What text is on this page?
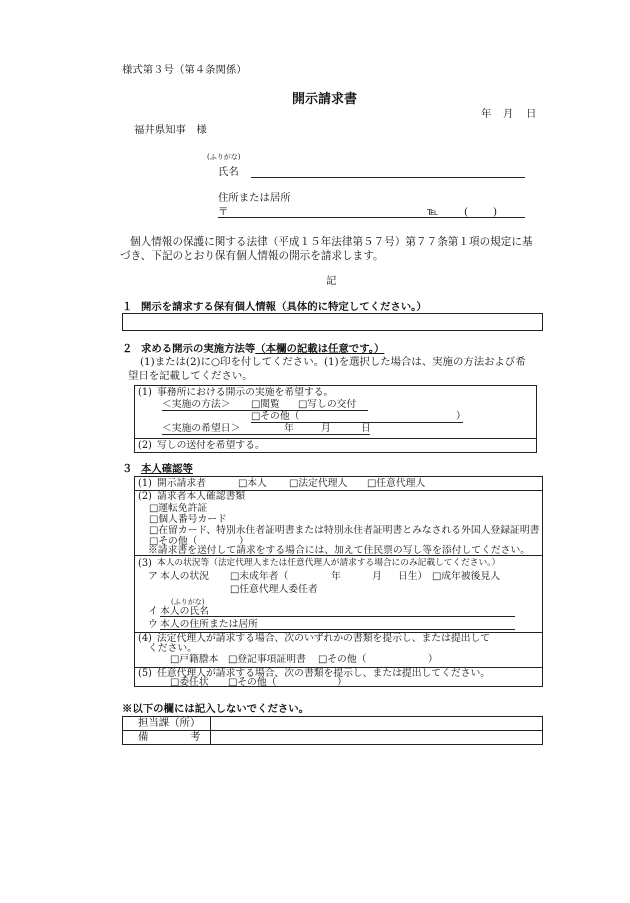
様式第３号（第４条関係）
開示請求書
年 月 日
福井県知事　様
(ふりがな)
氏名
住所または居所
〒	℡ ( )
個人情報の保護に関する法律（平成１５年法律第５７号）第７７条第１項の規定に基
づき、下記のとおり保有個人情報の開示を請求します。
記
１ 開示を請求する保有個人情報（具体的に特定してください。）
２ 求める開示の実施方法等（本欄の記載は任意です。）
(1)または(2)に○印を付してください。(1)を選択した場合は、実施の方法および希
望日を記載してください。
(1) 事務所における開示の実施を希望する。
＜実施の方法＞ □閲覧 □写しの交付
□その他（	）
＜実施の希望日＞	年	月	日
(2) 写しの送付を希望する。
３ 本人確認等
(1) 開示請求者	□本人 □法定代理人 □任意代理人
(2) 請求者本人確認書類
□運転免許証
□個人番号カード
□在留カード、特別永住者証明書または特別永住者証明書とみなされる外国人登録証明書
□その他（	）
※請求書を送付して請求をする場合には、加えて住民票の写し等を添付してください。
(3) 本人の状況等（法定代理人または任意代理人が請求する場合にのみ記載してください。）
ア 本人の状況 □未成年者（	年	月 日生） □成年被後見人
□任意代理人委任者
(ふりがな)
イ 本人の氏名
ウ 本人の住所または居所
(4) 法定代理人が請求する場合、次のいずれかの書類を提示し、または提出して
ください。
□戸籍謄本 □登記事項証明書 □その他（	）
(5) 任意代理人が請求する場合、次の書類を提示し、または提出してください。
□委任状 □その他（	）
※以下の欄には記入しないでください。
担当課（所）
備　　　考
